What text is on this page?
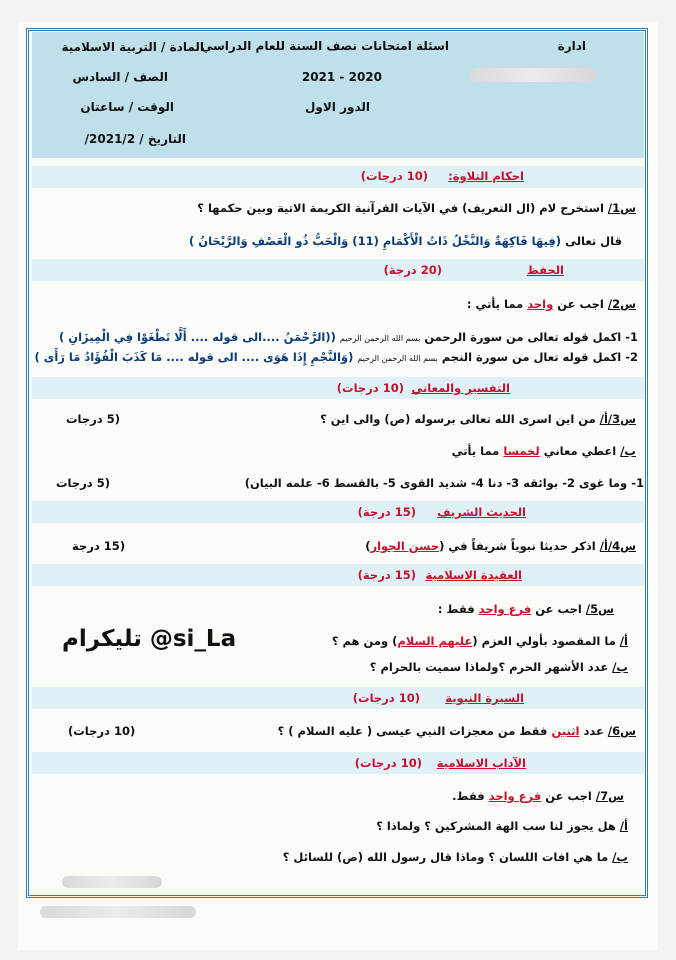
ادارة
اسئلة امتحانات نصف السنة للعام الدراسي
المادة / التربية الاسلامية
2021 - 2020
الصف / السادس
الدور الاول
الوقت / ساعتان
التاريخ / 2021/2/
احكام التلاوة:
(10 درجات)
س1/ استخرج لام (ال التعريف) في الآيات القرآنية الكريمة الاتية وبين حكمها ؟
قال تعالى (فِيهَا فَاكِهَةٌ وَالنَّخْلُ ذَاتُ الْأَكْمَامِ (11) وَالْحَبُّ ذُو الْعَصْفِ وَالرَّيْحَانُ )
الحفظ
(20 درجة)
س2/ اجب عن واحد مما يأتي :
1- اكمل قوله تعالى من سورة الرحمن بسم الله الرحمن الرحيم ((الرَّحْمَنُ ....الى قوله .... أَلَّا تَطْغَوْا فِي الْمِيزَانِ )
2- اكمل قوله تعال من سورة النجم بسم الله الرحمن الرحيم (وَالنَّجْمِ إِذَا هَوَى .... الى قوله .... مَا كَذَبَ الْفُؤَادُ مَا رَأَى )
التفسير والمعاني
(10 درجات)
س3/أ/ من اين اسرى الله تعالى برسوله (ص) والى اين ؟
(5 درجات
ب/ اعطي معاني لخمسا مما يأتي
1- وما غوى 2- بوائقه 3- دنا 4- شديد القوى 5- بالقسط 6- علمه البيان)
(5 درجات
الحديث الشريف
(15 درجة)
س4/أ/ اذكر حديثا نبوياً شريفاً في (حسن الجوار)
(15 درجة
العقيدة الاسلامية
(15 درجة)
س5/ اجب عن فرع واحد فقط :
أ/ ما المقصود بأولي العزم (عليهم السلام) ومن هم ؟
ب/ عدد الأشهر الحرم ؟ولماذا سميت بالحرام ؟
تليكرام @si_La
السيرة النبوية
(10 درجات)
س6/ عدد اثنين فقط من معجزات النبي عيسى ( عليه السلام ) ؟
(10 درجات)
الآداب الاسلامية
(10 درجات)
س7/ اجب عن فرع واحد فقط.
أ/ هل يجوز لنا سب الهة المشركين ؟ ولماذا ؟
ب/ ما هي افات اللسان ؟ وماذا قال رسول الله (ص) للسائل ؟
